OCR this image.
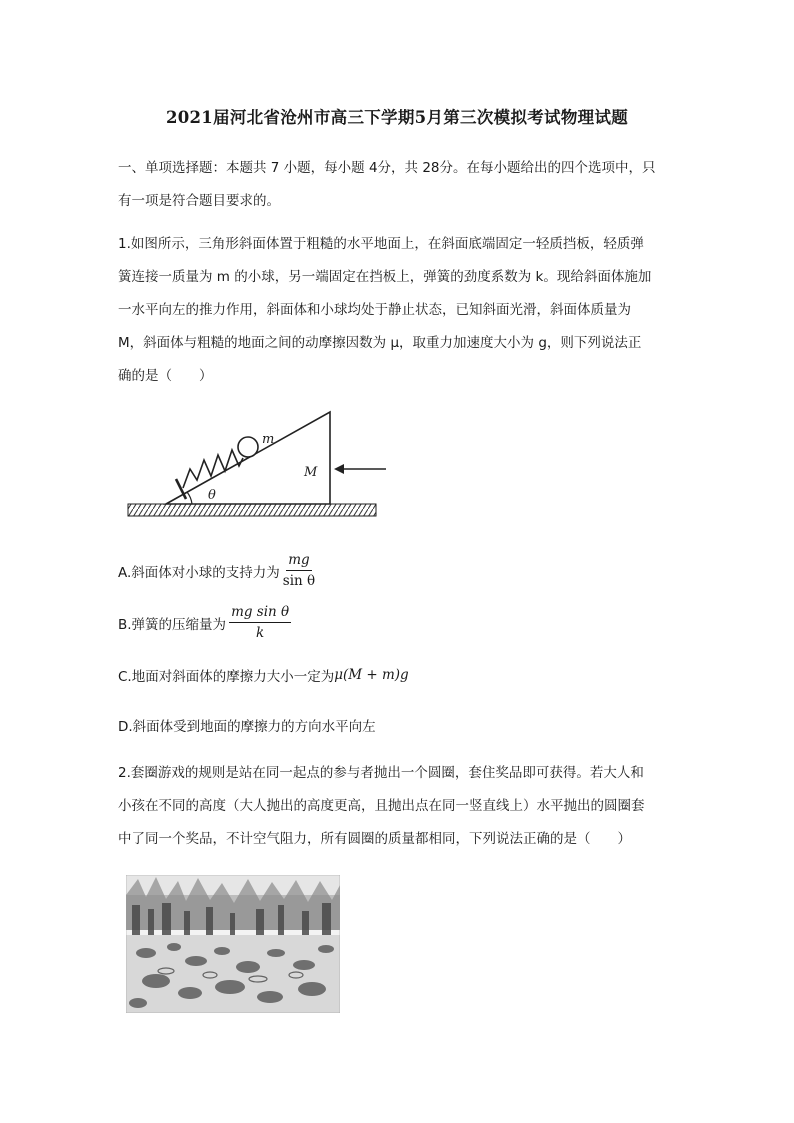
2021届河北省沧州市高三下学期5月第三次模拟考试物理试题
一、单项选择题：本题共 7 小题，每小题 4分，共 28分。在每小题给出的四个选项中，只
有一项是符合题目要求的。
1.如图所示，三角形斜面体置于粗糙的水平地面上，在斜面底端固定一轻质挡板，轻质弹
簧连接一质量为 m 的小球，另一端固定在挡板上，弹簧的劲度系数为 k。现给斜面体施加
一水平向左的推力作用，斜面体和小球均处于静止状态，已知斜面光滑，斜面体质量为
M，斜面体与粗糙的地面之间的动摩擦因数为 μ，取重力加速度大小为 g，则下列说法正
确的是（　　）
m
M
θ
A.斜面体对小球的支持力为 $\frac{mg}{\text{sin θ}}$
B.弹簧的压缩量为 $\frac{\text{mg sin θ}}{k}$
C.地面对斜面体的摩擦力大小一定为 μ(M + m)g
D.斜面体受到地面的摩擦力的方向水平向左
2.套圈游戏的规则是站在同一起点的参与者抛出一个圆圈，套住奖品即可获得。若大人和
小孩在不同的高度（大人抛出的高度更高，且抛出点在同一竖直线上）水平抛出的圆圈套
中了同一个奖品，不计空气阻力，所有圆圈的质量都相同，下列说法正确的是（　　）
